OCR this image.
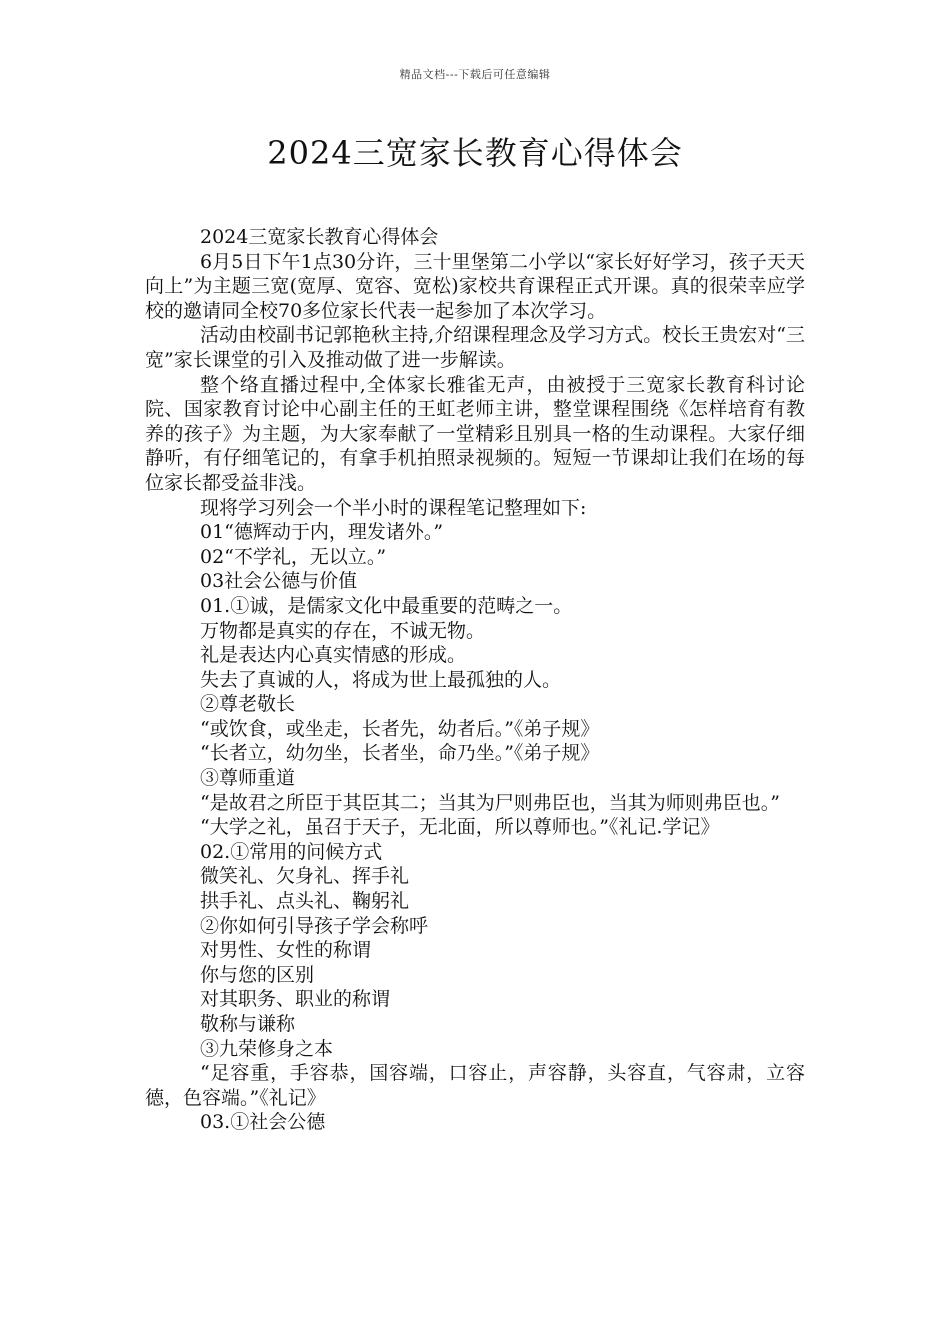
精品文档---下载后可任意编辑
2024三宽家长教育心得体会

2024三宽家长教育心得体会

6月5日下午1点30分许，三十里堡第二小学以“家长好好学习，孩子天天向上”为主题三宽(宽厚、宽容、宽松)家校共育课程正式开课。真的很荣幸应学校的邀请同全校70多位家长代表一起参加了本次学习。

活动由校副书记郭艳秋主持,介绍课程理念及学习方式。校长王贵宏对“三宽”家长课堂的引入及推动做了进一步解读。

整个络直播过程中,全体家长雅雀无声，由被授于三宽家长教育科讨论院、国家教育讨论中心副主任的王虹老师主讲，整堂课程围绕《怎样培育有教养的孩子》为主题，为大家奉献了一堂精彩且别具一格的生动课程。大家仔细静听，有仔细笔记的，有拿手机拍照录视频的。短短一节课却让我们在场的每位家长都受益非浅。

现将学习列会一个半小时的课程笔记整理如下:

01“德辉动于内，理发诸外。”

02“不学礼，无以立。”

03社会公德与价值

01.①诚，是儒家文化中最重要的范畴之一。

万物都是真实的存在，不诚无物。

礼是表达内心真实情感的形成。

失去了真诚的人，将成为世上最孤独的人。

②尊老敬长

“或饮食，或坐走，长者先，幼者后。”《弟子规》

“长者立，幼勿坐，长者坐，命乃坐。”《弟子规》

③尊师重道

“是故君之所臣于其臣其二；当其为尸则弗臣也，当其为师则弗臣也。”

“大学之礼，虽召于天子，无北面，所以尊师也。”《礼记.学记》

02.①常用的问候方式

微笑礼、欠身礼、挥手礼

拱手礼、点头礼、鞠躬礼

②你如何引导孩子学会称呼

对男性、女性的称谓

你与您的区别

对其职务、职业的称谓

敬称与谦称

③九荣修身之本

“足容重，手容恭，国容端，口容止，声容静，头容直，气容肃，立容德，色容端。”《礼记》

03.①社会公德
